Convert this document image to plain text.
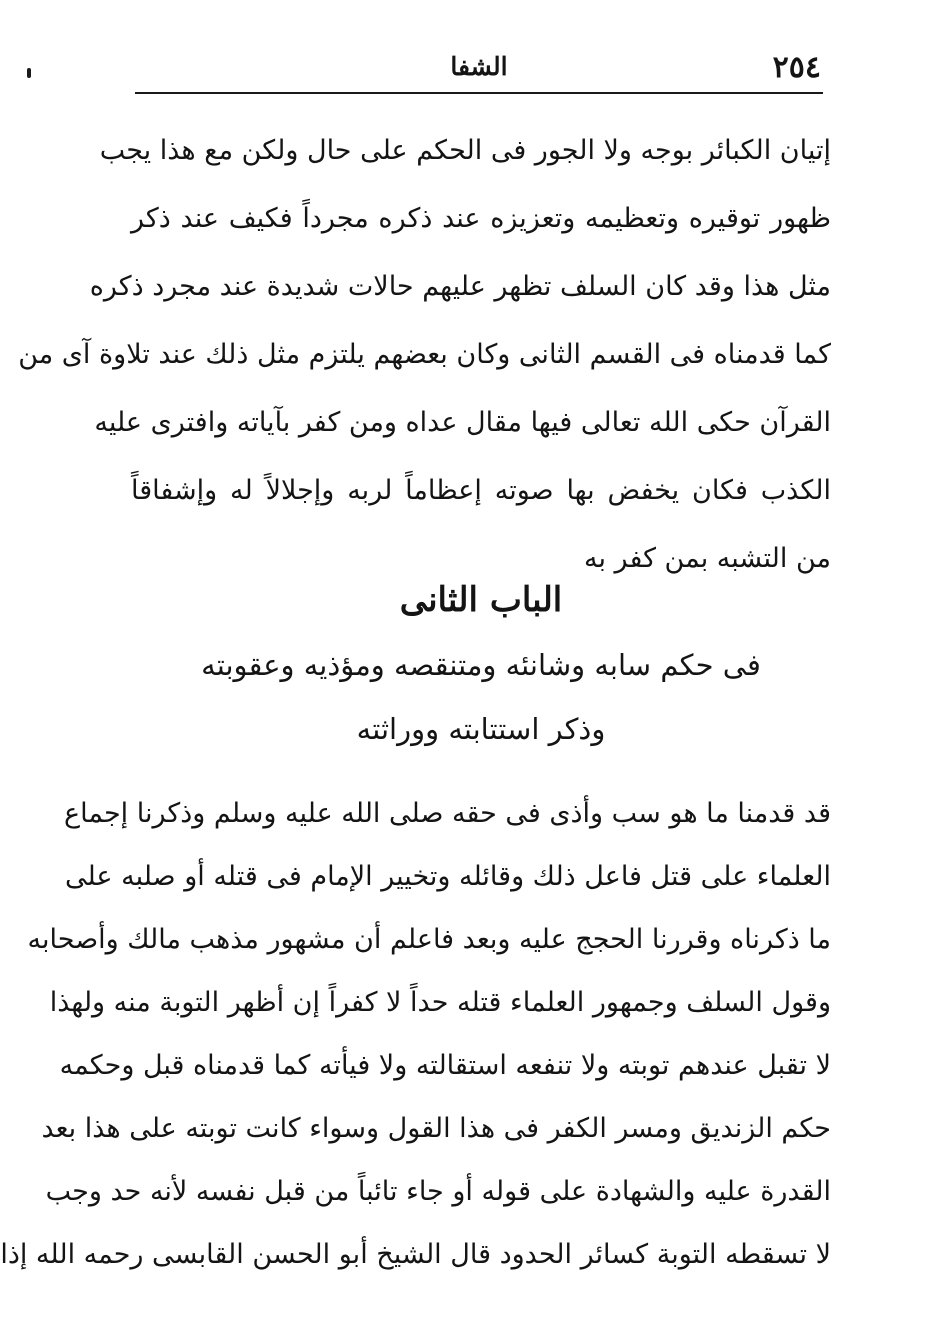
٢٥٤
الشفا
إتيان الكبائر بوجه ولا الجور فى الحكم على حال ولكن مع هذا يجب
ظهور توقيره وتعظيمه وتعزيزه عند ذكره مجرداً فكيف عند ذكر
مثل هذا وقد كان السلف تظهر عليهم حالات شديدة عند مجرد ذكره
كما قدمناه فى القسم الثانى وكان بعضهم يلتزم مثل ذلك عند تلاوة آى من
القرآن حكى الله تعالى فيها مقال عداه ومن كفر بآياته وافترى عليه
الكذب فكان يخفض بها صوته إعظاماً لربه وإجلالاً له وإشفاقاً
من التشبه بمن كفر به
الباب الثانى
فى حكم سابه وشانئه ومتنقصه ومؤذيه وعقوبته
وذكر استتابته ووراثته
قد قدمنا ما هو سب وأذى فى حقه صلى الله عليه وسلم وذكرنا إجماع
العلماء على قتل فاعل ذلك وقائله وتخيير الإمام فى قتله أو صلبه على
ما ذكرناه وقررنا الحجج عليه وبعد فاعلم أن مشهور مذهب مالك وأصحابه
وقول السلف وجمهور العلماء قتله حداً لا كفراً إن أظهر التوبة منه ولهذا
لا تقبل عندهم توبته ولا تنفعه استقالته ولا فيأته كما قدمناه قبل وحكمه
حكم الزنديق ومسر الكفر فى هذا القول وسواء كانت توبته على هذا بعد
القدرة عليه والشهادة على قوله أو جاء تائباً من قبل نفسه لأنه حد وجب
لا تسقطه التوبة كسائر الحدود قال الشيخ أبو الحسن القابسى رحمه الله إذا
